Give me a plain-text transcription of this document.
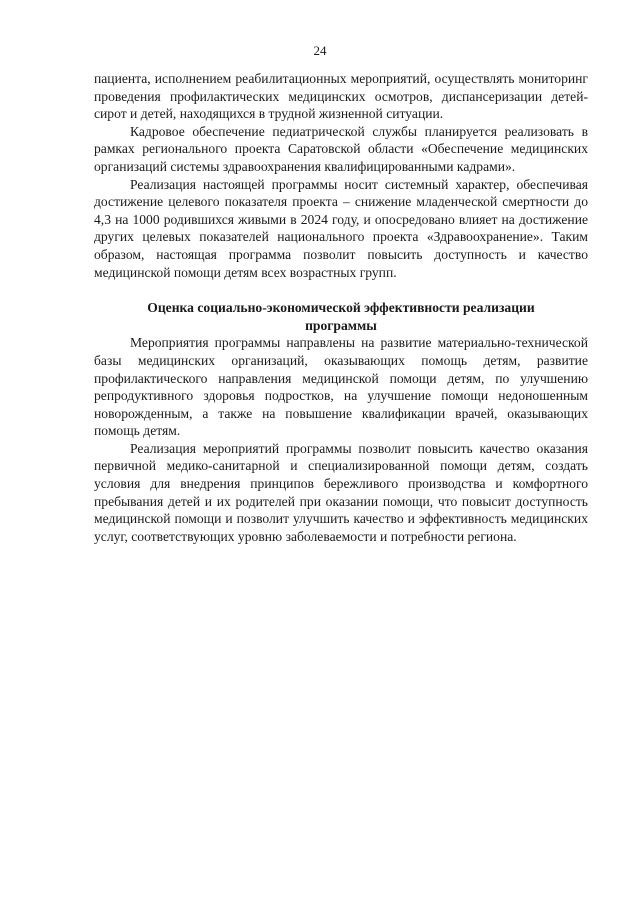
24

пациента, исполнением реабилитационных мероприятий, осуществлять мониторинг проведения профилактических медицинских осмотров, диспансеризации детей-сирот и детей, находящихся в трудной жизненной ситуации.

Кадровое обеспечение педиатрической службы планируется реализовать в рамках регионального проекта Саратовской области «Обеспечение медицинских организаций системы здравоохранения квалифицированными кадрами».

Реализация настоящей программы носит системный характер, обеспечивая достижение целевого показателя проекта – снижение младенческой смертности до 4,3 на 1000 родившихся живыми в 2024 году, и опосредовано влияет на достижение других целевых показателей национального проекта «Здравоохранение». Таким образом, настоящая программа позволит повысить доступность и качество медицинской помощи детям всех возрастных групп.

Оценка социально-экономической эффективности реализации программы

Мероприятия программы направлены на развитие материально-технической базы медицинских организаций, оказывающих помощь детям, развитие профилактического направления медицинской помощи детям, по улучшению репродуктивного здоровья подростков, на улучшение помощи недоношенным новорожденным, а также на повышение квалификации врачей, оказывающих помощь детям.

Реализация мероприятий программы позволит повысить качество оказания первичной медико-санитарной и специализированной помощи детям, создать условия для внедрения принципов бережливого производства и комфортного пребывания детей и их родителей при оказании помощи, что повысит доступность медицинской помощи и позволит улучшить качество и эффективность медицинских услуг, соответствующих уровню заболеваемости и потребности региона.
